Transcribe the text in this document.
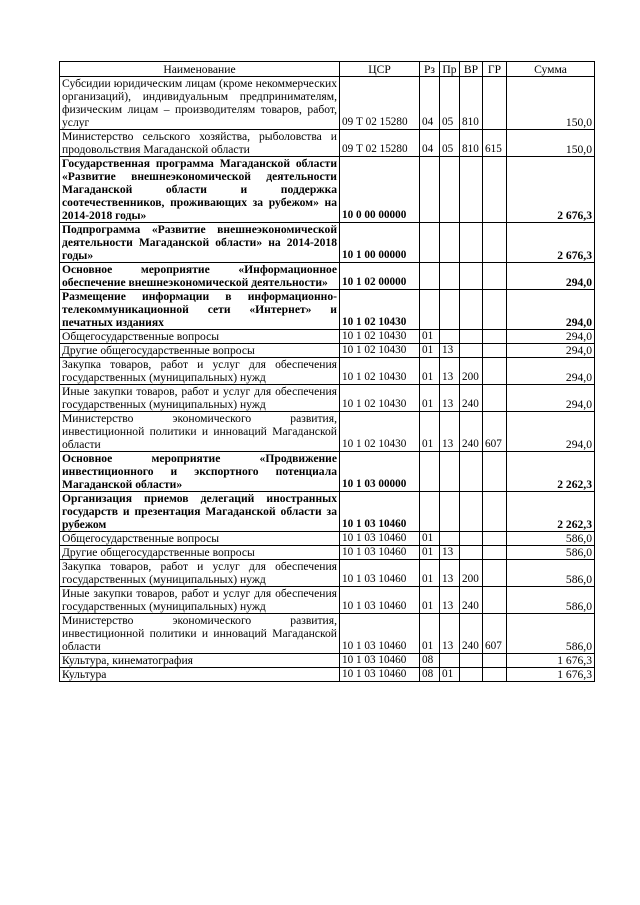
Наименование	ЦСР	Рз	Пр	ВР	ГР	Сумма
Субсидии юридическим лицам (кроме некоммерческих организаций), индивидуальным предпринимателям, физическим лицам – производителям товаров, работ, услуг	09 Т 02 15280	04	05	810		150,0
Министерство сельского хозяйства, рыболовства и продовольствия Магаданской области	09 Т 02 15280	04	05	810	615	150,0
Государственная программа Магаданской области «Развитие внешнеэкономической деятельности Магаданской области и поддержка соотечественников, проживающих за рубежом» на 2014-2018 годы»	10 0 00 00000					2 676,3
Подпрограмма «Развитие внешнеэкономической деятельности Магаданской области» на 2014-2018 годы»	10 1 00 00000					2 676,3
Основное мероприятие «Информационное обеспечение внешнеэкономической деятельности»	10 1 02 00000					294,0
Размещение информации в информационно-телекоммуникационной сети «Интернет» и печатных изданиях	10 1 02 10430					294,0
Общегосударственные вопросы	10 1 02 10430	01				294,0
Другие общегосударственные вопросы	10 1 02 10430	01	13			294,0
Закупка товаров, работ и услуг для обеспечения государственных (муниципальных) нужд	10 1 02 10430	01	13	200		294,0
Иные закупки товаров, работ и услуг для обеспечения государственных (муниципальных) нужд	10 1 02 10430	01	13	240		294,0
Министерство экономического развития, инвестиционной политики и инноваций Магаданской области	10 1 02 10430	01	13	240	607	294,0
Основное мероприятие «Продвижение инвестиционного и экспортного потенциала Магаданской области»	10 1 03 00000					2 262,3
Организация приемов делегаций иностранных государств и презентация Магаданской области за рубежом	10 1 03 10460					2 262,3
Общегосударственные вопросы	10 1 03 10460	01				586,0
Другие общегосударственные вопросы	10 1 03 10460	01	13			586,0
Закупка товаров, работ и услуг для обеспечения государственных (муниципальных) нужд	10 1 03 10460	01	13	200		586,0
Иные закупки товаров, работ и услуг для обеспечения государственных (муниципальных) нужд	10 1 03 10460	01	13	240		586,0
Министерство экономического развития, инвестиционной политики и инноваций Магаданской области	10 1 03 10460	01	13	240	607	586,0
Культура, кинематография	10 1 03 10460	08				1 676,3
Культура	10 1 03 10460	08	01			1 676,3
